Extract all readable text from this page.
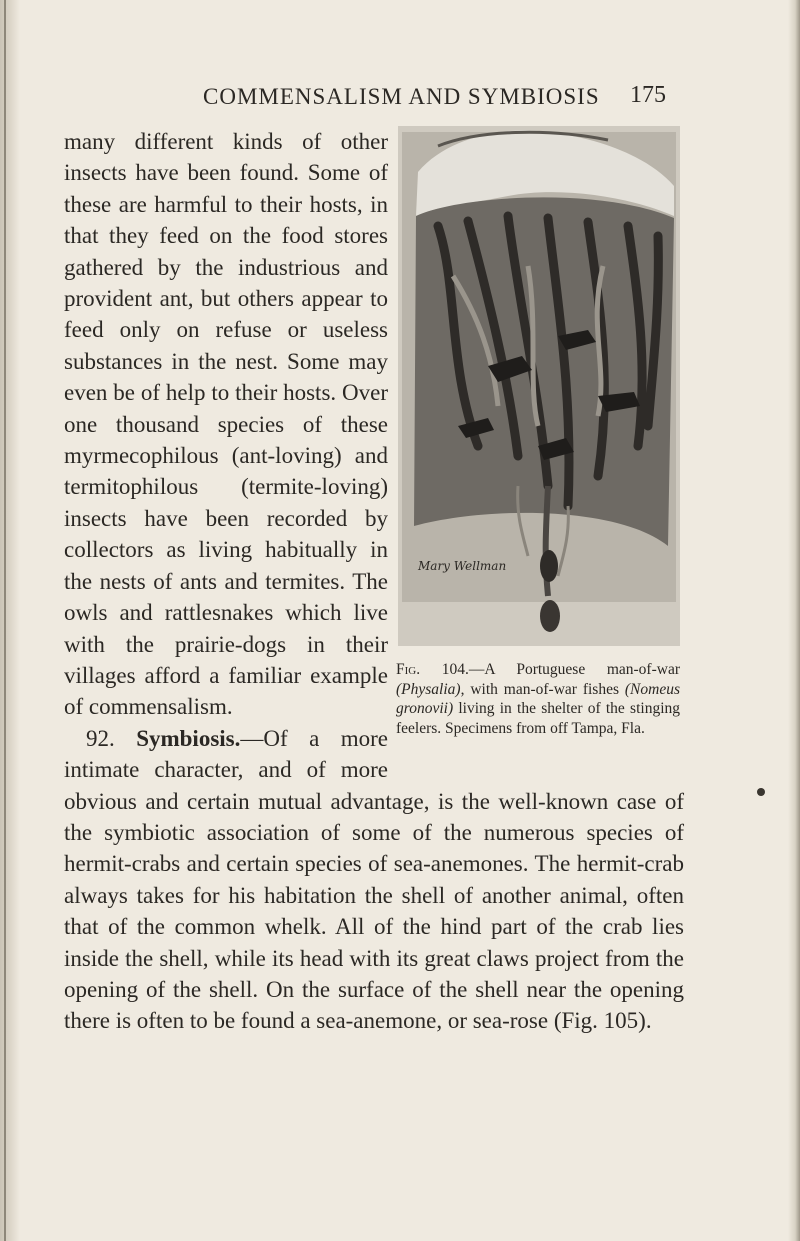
COMMENSALISM AND SYMBIOSIS 175
Mary Wellman
Fig. 104.—A Portuguese man-of-war (Physalia), with man-of-war fishes (Nomeus gronovii) living in the shelter of the stinging feelers. Specimens from off Tampa, Fla.

many different kinds of other insects have been found. Some of these are harmful to their hosts, in that they feed on the food stores gathered by the industrious and provident ant, but others appear to feed only on refuse or useless substances in the nest. Some may even be of help to their hosts. Over one thousand species of these myrmecophilous (ant-loving) and termitophilous (termite-loving) insects have been recorded by collectors as living habitually in the nests of ants and termites. The owls and rattlesnakes which live with the prairie-dogs in their villages afford a familiar example of commensalism.

92. Symbiosis.—Of a more intimate character, and of more obvious and certain mutual advantage, is the well-known case of the symbiotic association of some of the numerous species of hermit-crabs and certain species of sea-anemones. The hermit-crab always takes for his habitation the shell of another animal, often that of the common whelk. All of the hind part of the crab lies inside the shell, while its head with its great claws project from the opening of the shell. On the surface of the shell near the opening there is often to be found a sea-anemone, or sea-rose (Fig. 105).
